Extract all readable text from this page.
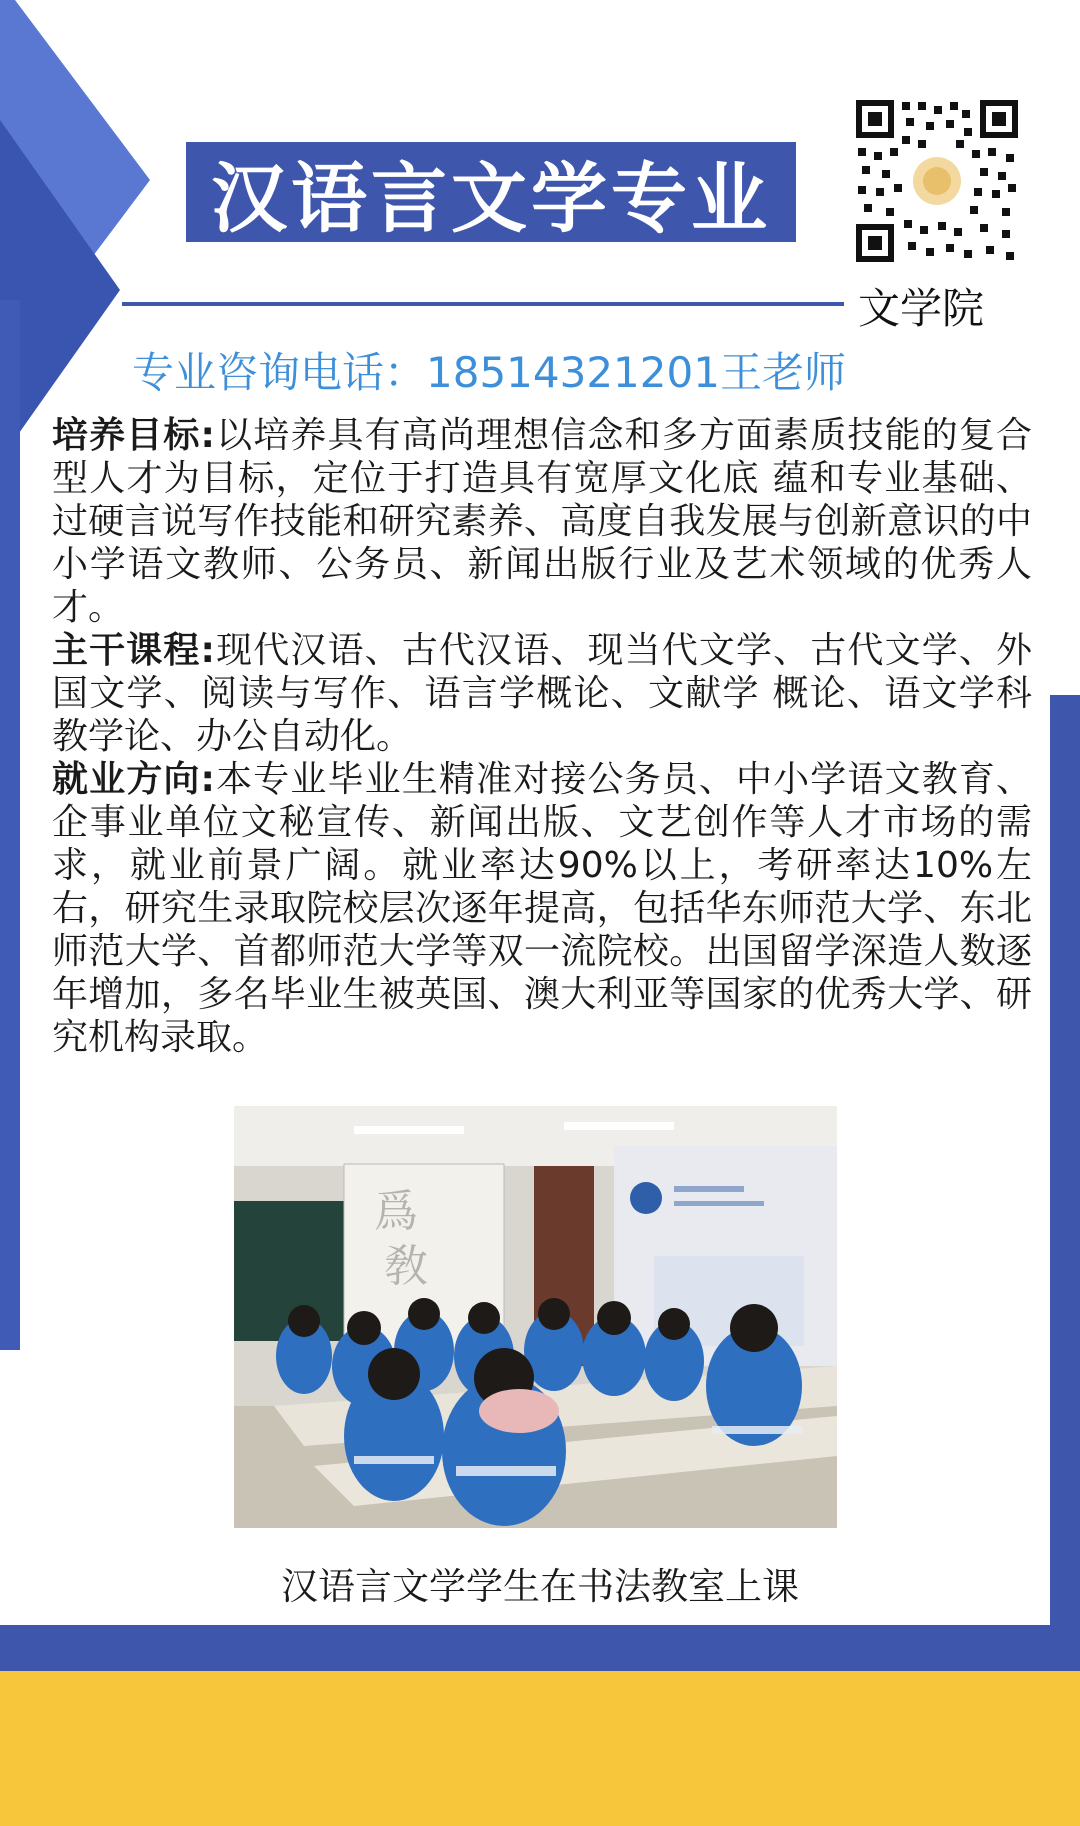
汉语言文学专业
文学院
专业咨询电话：18514321201王老师

培养目标:以培养具有高尚理想信念和多方面素质技能的复合型人才为目标，定位于打造具有宽厚文化底 蕴和专业基础、过硬言说写作技能和研究素养、高度自我发展与创新意识的中小学语文教师、公务员、新闻出版行业及艺术领域的优秀人才。

主干课程:现代汉语、古代汉语、现当代文学、古代文学、外国文学、阅读与写作、语言学概论、文献学 概论、语文学科教学论、办公自动化。

就业方向:本专业毕业生精准对接公务员、中小学语文教育、企事业单位文秘宣传、新闻出版、文艺创作等人才市场的需求，就业前景广阔。就业率达90%以上，考研率达10%左右，研究生录取院校层次逐年提高，包括华东师范大学、东北师范大学、首都师范大学等双一流院校。出国留学深造人数逐年增加，多名毕业生被英国、澳大利亚等国家的优秀大学、研究机构录取。

爲
敎
汉语言文学学生在书法教室上课
